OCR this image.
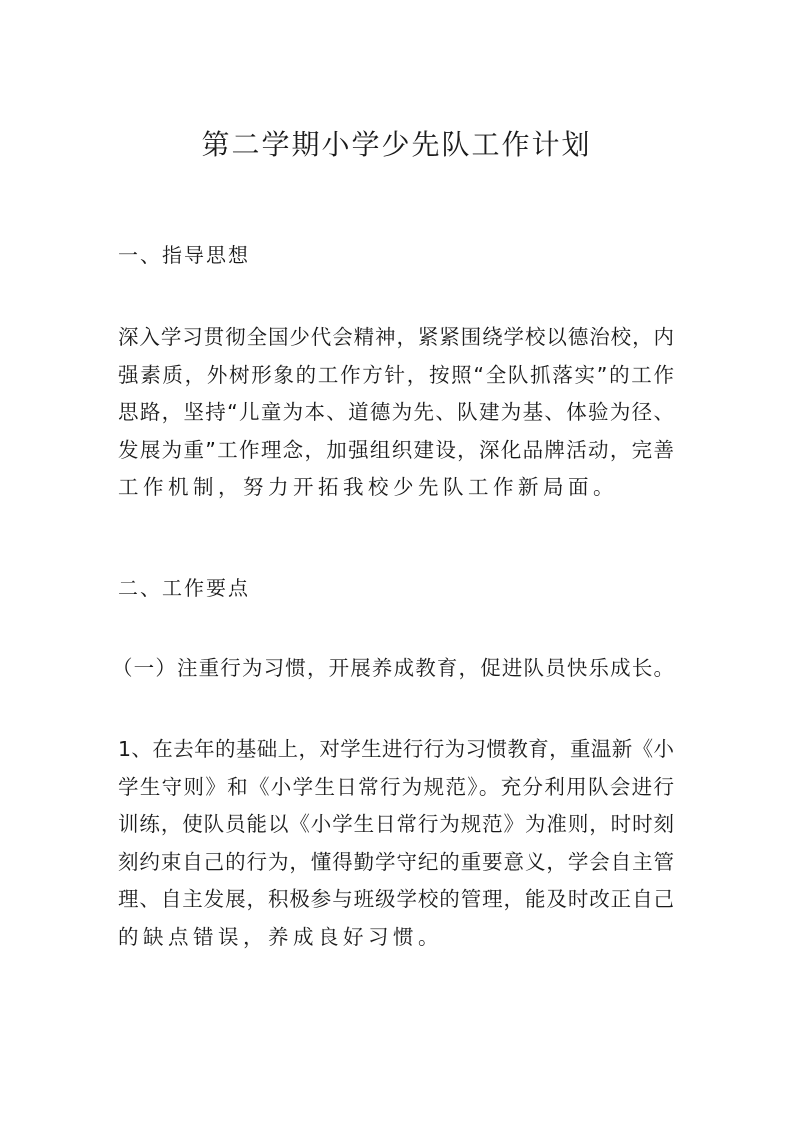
第二学期小学少先队工作计划
一、指导思想
深入学习贯彻全国少代会精神，紧紧围绕学校以德治校，内
强素质，外树形象的工作方针，按照“全队抓落实”的工作
思路，坚持“儿童为本、道德为先、队建为基、体验为径、
发展为重”工作理念，加强组织建设，深化品牌活动，完善
工作机制，努力开拓我校少先队工作新局面。
二、工作要点
（一）注重行为习惯，开展养成教育，促进队员快乐成长。
1、在去年的基础上，对学生进行行为习惯教育，重温新《小
学生守则》和《小学生日常行为规范》。充分利用队会进行
训练，使队员能以《小学生日常行为规范》为准则，时时刻
刻约束自己的行为，懂得勤学守纪的重要意义，学会自主管
理、自主发展，积极参与班级学校的管理，能及时改正自己
的缺点错误，养成良好习惯。
